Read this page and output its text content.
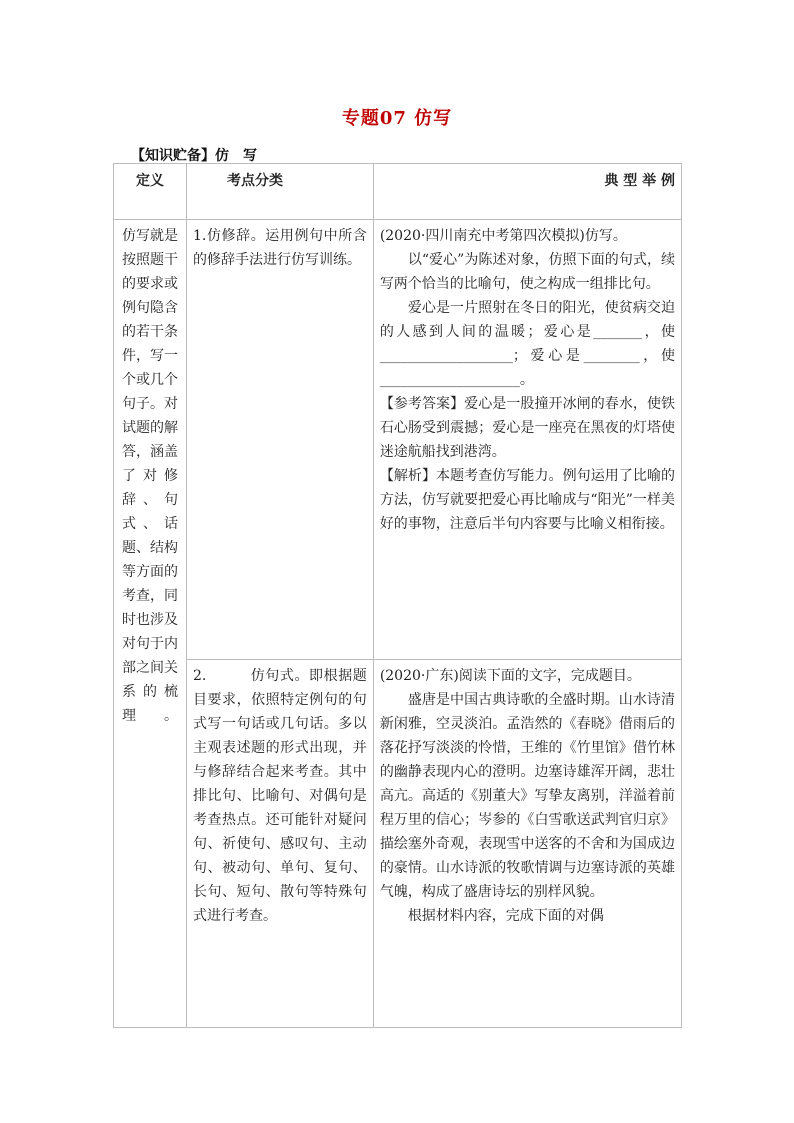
专题07 仿写
【知识贮备】仿 写
定义	考点分类	典 型 举 例

仿写就是按照题干的要求或例句隐含的若干条件，写一个或几个句子。对试题的解答，涵盖了对修辞、句式、话题、结构等方面的考查，同时也涉及对句于内部之间关系的梳理。	1.仿修辞。运用例句中所含的修辞手法进行仿写训练。	(2020·四川南充中考第四次模拟)仿写。

以“爱心”为陈述对象，仿照下面的句式，续写两个恰当的比喻句，使之构成一组排比句。

爱心是一片照射在冬日的阳光，使贫病交迫的人感到人间的温暖；爱心是_______，使___________________；爱心是________，使____________________。

【参考答案】爱心是一股撞开冰闸的春水，使铁石心肠受到震撼；爱心是一座亮在黑夜的灯塔使迷途航船找到港湾。

【解析】本题考查仿写能力。例句运用了比喻的方法，仿写就要把爱心再比喻成与“阳光”一样美好的事物，注意后半句内容要与比喻义相衔接。

	2.　　　仿句式。即根据题目要求，依照特定例句的句式写一句话或几句话。多以主观表述题的形式出现，并与修辞结合起来考查。其中排比句、比喻句、对偶句是考查热点。还可能针对疑问句、祈使句、感叹句、主动句、被动句、单句、复句、长句、短句、散句等特殊句式进行考查。	(2020·广东)阅读下面的文字，完成题目。

盛唐是中国古典诗歌的全盛时期。山水诗清新闲雅，空灵淡泊。孟浩然的《春晓》借雨后的落花抒写淡淡的怜惜，王维的《竹里馆》借竹林的幽静表现内心的澄明。边塞诗雄浑开阔，悲壮高亢。高适的《别董大》写挚友离别，洋溢着前程万里的信心；岑参的《白雪歌送武判官归京》描绘塞外奇观，表现雪中送客的不舍和为国成边的豪情。山水诗派的牧歌情调与边塞诗派的英雄气魄，构成了盛唐诗坛的别样风貌。

根据材料内容，完成下面的对偶
